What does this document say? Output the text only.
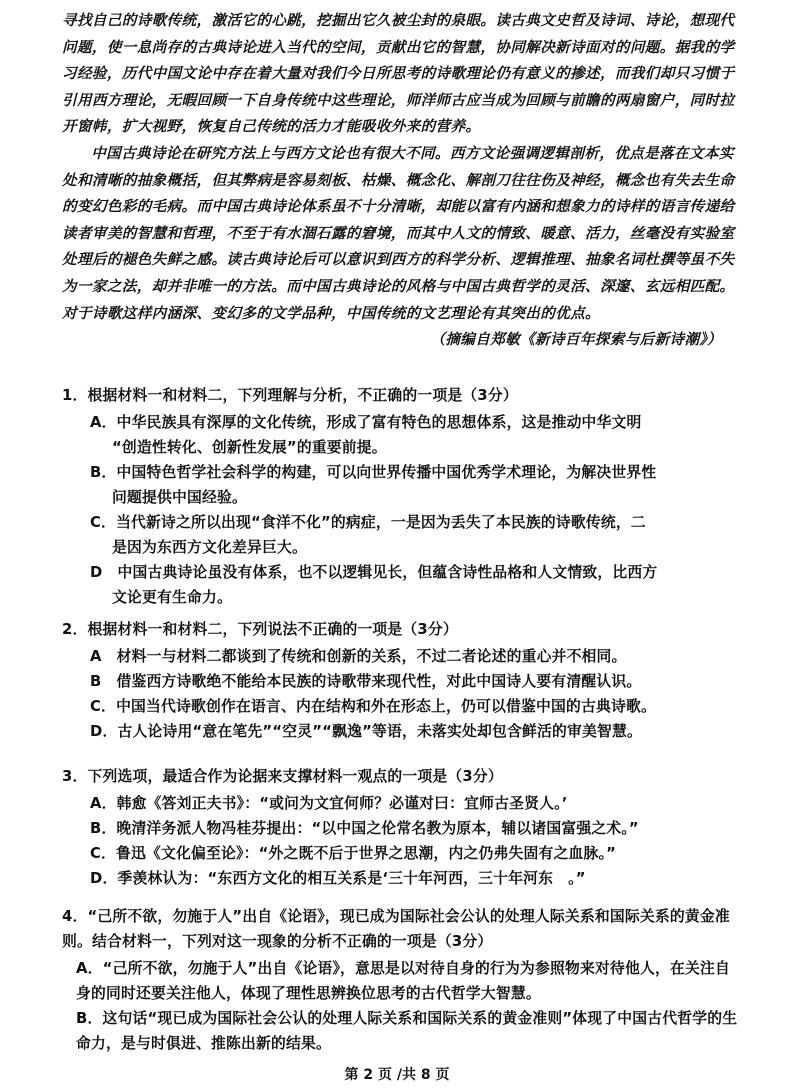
寻找自己的诗歌传统，激活它的心跳，挖掘出它久被尘封的泉眼。读古典文史哲及诗词、诗论，想现代问题，使一息尚存的古典诗论进入当代的空间，贡献出它的智慧，协同解决新诗面对的问题。据我的学习经验，历代中国文论中存在着大量对我们今日所思考的诗歌理论仍有意义的掺述，而我们却只习惯于引用西方理论，无暇回顾一下自身传统中这些理论，师洋师古应当成为回顾与前瞻的两扇窗户，同时拉开窗帏，扩大视野，恢复自己传统的活力才能吸收外来的营养。

中国古典诗论在研究方法上与西方文论也有很大不同。西方文论强调逻辑剖析，优点是落在文本实处和清晰的抽象概括，但其弊病是容易刻板、枯燥、概念化、解剖刀往往伤及神经，概念也有失去生命的变幻色彩的毛病。而中国古典诗论体系虽不十分清晰，却能以富有内涵和想象力的诗样的语言传递给读者审美的智慧和哲理，不至于有水涸石露的窘境，而其中人文的情致、暖意、活力，丝毫没有实验室处理后的褪色失鲜之感。读古典诗论后可以意识到西方的科学分析、逻辑推理、抽象名词杜撰等虽不失为一家之法，却并非唯一的方法。而中国古典诗论的风格与中国古典哲学的灵活、深邃、玄远相匹配。对于诗歌这样内涵深、变幻多的文学品种，中国传统的文艺理论有其突出的优点。

（摘编自郑敏《新诗百年探索与后新诗潮》）

1．根据材料一和材料二，下列理解与分析，不正确的一项是（3分）

A．中华民族具有深厚的文化传统，形成了富有特色的思想体系，这是推动中华文明
“创造性转化、创新性发展”的重要前提。

B．中国特色哲学社会科学的构建，可以向世界传播中国优秀学术理论，为解决世界性
问题提供中国经验。

C．当代新诗之所以出现“食洋不化”的病症，一是因为丢失了本民族的诗歌传统，二
是因为东西方文化差异巨大。

D　中国古典诗论虽没有体系，也不以逻辑见长，但蕴含诗性品格和人文情致，比西方
文论更有生命力。

2．根据材料一和材料二，下列说法不正确的一项是（3分）

A　材料一与材料二都谈到了传统和创新的关系，不过二者论述的重心并不相同。

B　借鉴西方诗歌绝不能给本民族的诗歌带来现代性，对此中国诗人要有清醒认识。

C．中国当代诗歌创作在语言、内在结构和外在形态上，仍可以借鉴中国的古典诗歌。

D．古人论诗用“意在笔先”“空灵”“飘逸”等语，未落实处却包含鲜活的审美智慧。

3．下列选项，最适合作为论据来支撑材料一观点的一项是（3分）

A．韩愈《答刘正夫书》：“或问为文宜何师？必谨对曰：宜师古圣贤人。’

B．晚清洋务派人物冯桂芬提出：“以中国之伦常名教为原本，辅以诸国富强之术。”

C．鲁迅《文化偏至论》：“外之既不后于世界之思潮，内之仍弗失固有之血脉。”

D．季羡林认为：“东西方文化的相互关系是‘三十年河西，三十年河东　。”

4．“己所不欲，勿施于人”出自《论语》，现已成为国际社会公认的处理人际关系和国际关系的黄金准则。结合材料一，下列对这一现象的分析不正确的一项是（3分）

A．“己所不欲，勿施于人”出自《论语》，意思是以对待自身的行为为参照物来对待他人，在关注自身的同时还要关注他人，体现了理性思辨换位思考的古代哲学大智慧。

B．这句话“现已成为国际社会公认的处理人际关系和国际关系的黄金准则”体现了中国古代哲学的生命力，是与时俱进、推陈出新的结果。

第 2 页 /共 8 页
